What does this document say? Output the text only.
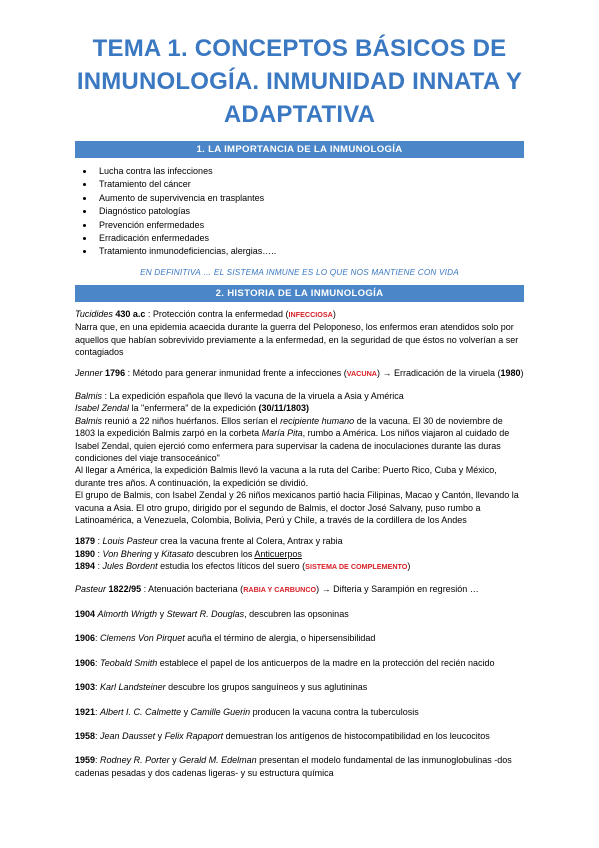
TEMA 1. CONCEPTOS BÁSICOS DE INMUNOLOGÍA. INMUNIDAD INNATA Y ADAPTATIVA
1. LA IMPORTANCIA DE LA INMUNOLOGÍA
• Lucha contra las infecciones
• Tratamiento del cáncer
• Aumento de supervivencia en trasplantes
• Diagnóstico patologías
• Prevención enfermedades
• Erradicación enfermedades
• Tratamiento inmunodeficiencias, alergias…..
EN DEFINITIVA … EL SISTEMA INMUNE ES LO QUE NOS MANTIENE CON VIDA
2. HISTORIA DE LA INMUNOLOGÍA

Tucidides 430 a.c : Protección contra la enfermedad (INFECCIOSA)

Narra que, en una epidemia acaecida durante la guerra del Peloponeso, los enfermos eran atendidos solo por aquellos que habían sobrevivido previamente a la enfermedad, en la seguridad de que éstos no volverían a ser contagiados

Jenner 1796 : Método para generar inmunidad frente a infecciones (VACUNA) → Erradicación de la viruela (1980)

Balmis : La expedición española que llevó la vacuna de la viruela a Asia y América

Isabel Zendal la "enfermera" de la expedición (30/11/1803)

Balmis reunió a 22 niños huérfanos. Ellos serían el recipiente humano de la vacuna. El 30 de noviembre de 1803 la expedición Balmis zarpó en la corbeta María Pita, rumbo a América. Los niños viajaron al cuidado de Isabel Zendal, quien ejerció como enfermera para supervisar la cadena de inoculaciones durante las duras condiciones del viaje transoceánico"

Al llegar a América, la expedición Balmis llevó la vacuna a la ruta del Caribe: Puerto Rico, Cuba y México, durante tres años. A continuación, la expedición se dividió.

El grupo de Balmis, con Isabel Zendal y 26 niños mexicanos partió hacia Filipinas, Macao y Cantón, llevando la vacuna a Asia. El otro grupo, dirigido por el segundo de Balmis, el doctor José Salvany, puso rumbo a Latinoamérica, a Venezuela, Colombia, Bolivia, Perú y Chile, a través de la cordillera de los Andes

1879 : Louis Pasteur crea la vacuna frente al Colera, Antrax y rabia

1890 : Von Bhering y Kitasato descubren los Anticuerpos

1894 : Jules Bordent estudia los efectos líticos del suero (SISTEMA DE COMPLEMENTO)

Pasteur 1822/95 : Atenuación bacteriana (RABIA Y CARBUNCO) → Difteria y Sarampión en regresión …

1904 Almorth Wrigth y Stewart R. Douglas, descubren las opsoninas

1906: Clemens Von Pirquet acuña el término de alergia, o hipersensibilidad

1906: Teobald Smith establece el papel de los anticuerpos de la madre en la protección del recién nacido

1903: Karl Landsteiner descubre los grupos sanguíneos y sus aglutininas

1921: Albert I. C. Calmette y Camille Guerin producen la vacuna contra la tuberculosis

1958: Jean Dausset y Felix Rapaport demuestran los antígenos de histocompatibilidad en los leucocitos

1959: Rodney R. Porter y Gerald M. Edelman presentan el modelo fundamental de las inmunoglobulinas -dos cadenas pesadas y dos cadenas ligeras- y su estructura química
